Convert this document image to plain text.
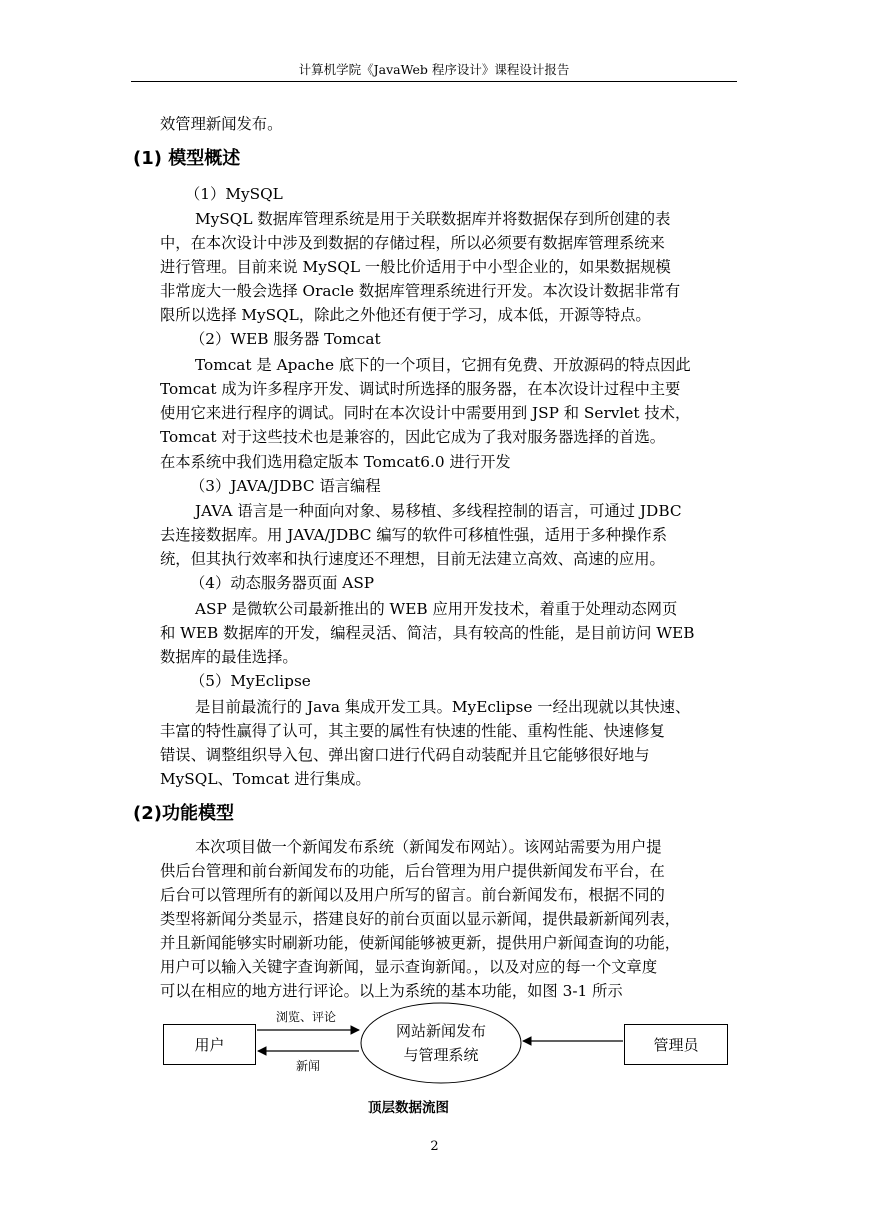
计算机学院《JavaWeb 程序设计》课程设计报告
效管理新闻发布。
（1）MySQL
MySQL 数据库管理系统是用于关联数据库并将数据保存到所创建的表
中，在本次设计中涉及到数据的存储过程，所以必须要有数据库管理系统来
进行管理。目前来说 MySQL 一般比价适用于中小型企业的，如果数据规模
非常庞大一般会选择 Oracle 数据库管理系统进行开发。本次设计数据非常有
限所以选择 MySQL，除此之外他还有便于学习，成本低，开源等特点。
（2）WEB 服务器 Tomcat
Tomcat 是 Apache 底下的一个项目，它拥有免费、开放源码的特点因此
Tomcat 成为许多程序开发、调试时所选择的服务器，在本次设计过程中主要
使用它来进行程序的调试。同时在本次设计中需要用到 JSP 和 Servlet 技术，
Tomcat 对于这些技术也是兼容的，因此它成为了我对服务器选择的首选。
在本系统中我们选用稳定版本 Tomcat6.0 进行开发
（3）JAVA/JDBC 语言编程
JAVA 语言是一种面向对象、易移植、多线程控制的语言，可通过 JDBC
去连接数据库。用 JAVA/JDBC 编写的软件可移植性强，适用于多种操作系
统，但其执行效率和执行速度还不理想，目前无法建立高效、高速的应用。
（4）动态服务器页面 ASP
ASP 是微软公司最新推出的 WEB 应用开发技术，着重于处理动态网页
和 WEB 数据库的开发，编程灵活、简洁，具有较高的性能，是目前访问 WEB
数据库的最佳选择。
（5）MyEclipse
是目前最流行的 Java 集成开发工具。MyEclipse 一经出现就以其快速、
丰富的特性赢得了认可，其主要的属性有快速的性能、重构性能、快速修复
错误、调整组织导入包、弹出窗口进行代码自动装配并且它能够很好地与
MySQL、Tomcat 进行集成。
本次项目做一个新闻发布系统（新闻发布网站）。该网站需要为用户提
供后台管理和前台新闻发布的功能，后台管理为用户提供新闻发布平台，在
后台可以管理所有的新闻以及用户所写的留言。前台新闻发布，根据不同的
类型将新闻分类显示，搭建良好的前台页面以显示新闻，提供最新新闻列表，
并且新闻能够实时刷新功能，使新闻能够被更新，提供用户新闻查询的功能，
用户可以输入关键字查询新闻，显示查询新闻。，以及对应的每一个文章度
可以在相应的地方进行评论。以上为系统的基本功能，如图 3-1 所示
(1) 模型概述
(2)功能模型
用户	管理员
网站新闻发布
与管理系统
浏览、评论
新闻
顶层数据流图
2
